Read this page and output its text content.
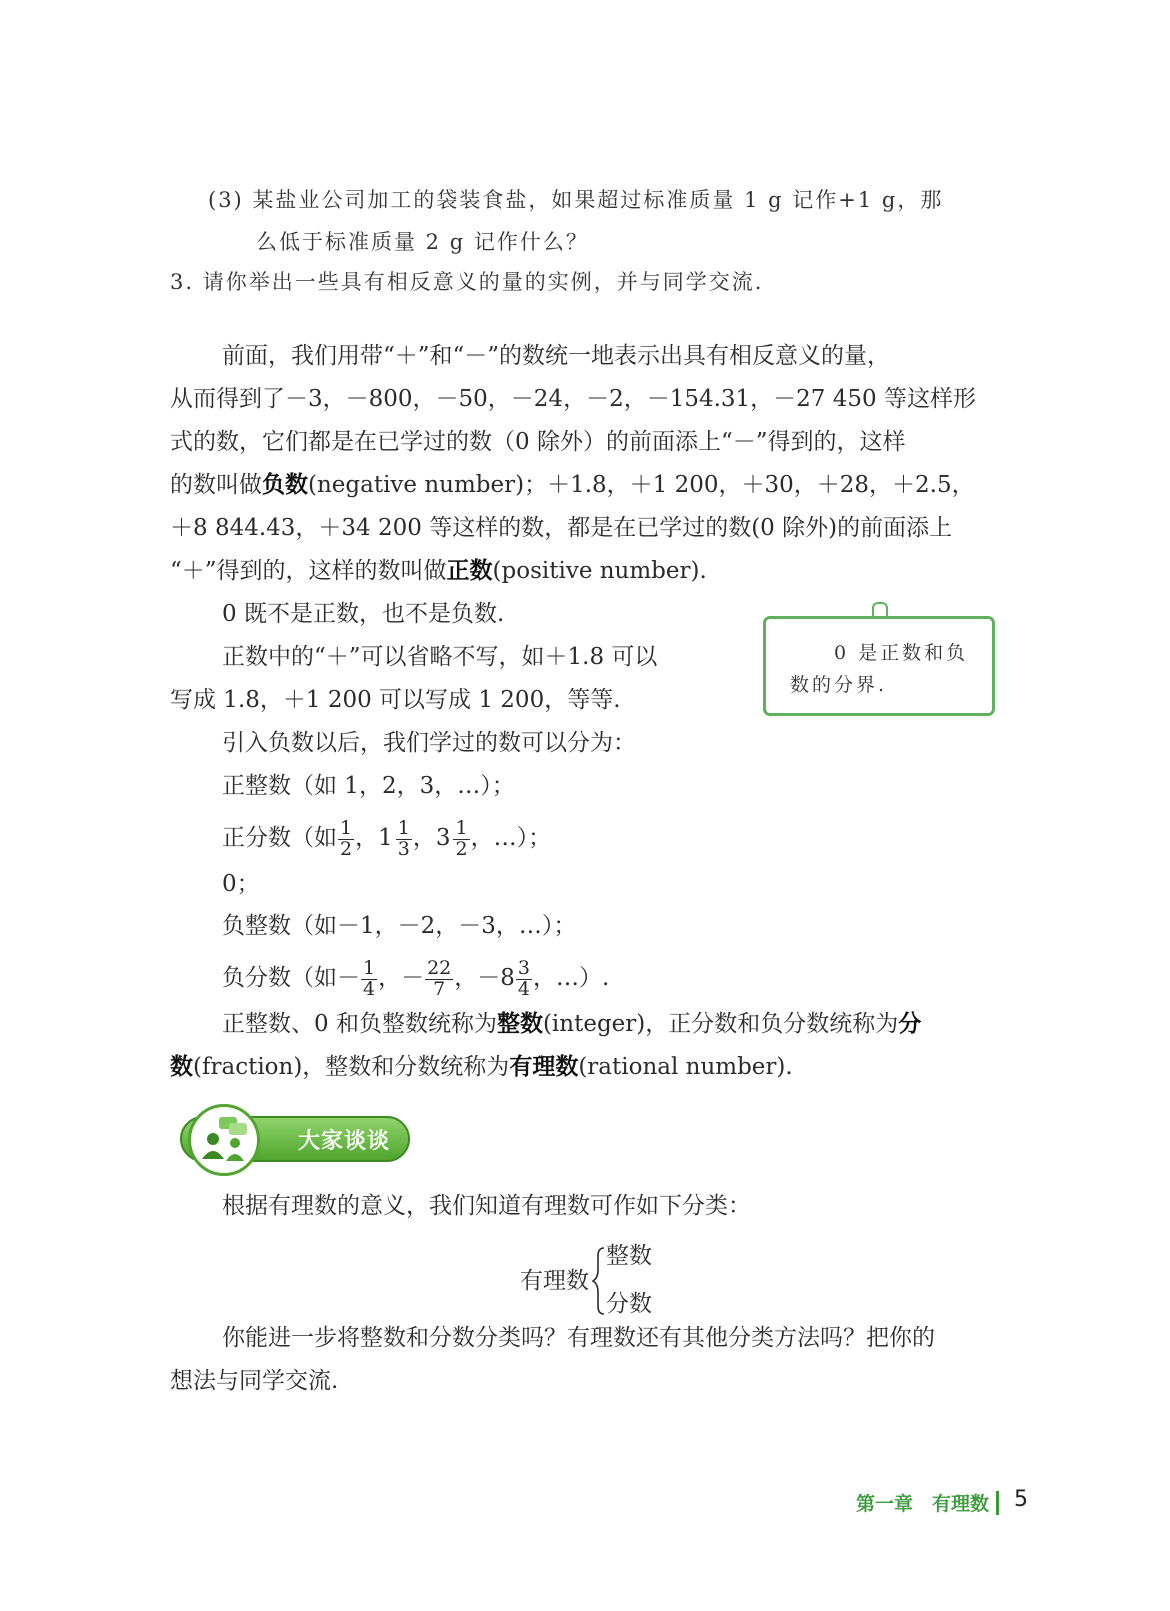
(3) 某盐业公司加工的袋装食盐，如果超过标准质量 1 g 记作+1 g，那
么低于标准质量 2 g 记作什么？
3. 请你举出一些具有相反意义的量的实例，并与同学交流.
前面，我们用带“＋”和“－”的数统一地表示出具有相反意义的量，
从而得到了－3，－800，－50，－24，－2，－154.31，－27 450 等这样形
式的数，它们都是在已学过的数（0 除外）的前面添上“－”得到的，这样
的数叫做负数(negative number)；＋1.8，＋1 200，＋30，＋28，＋2.5，
＋8 844.43，＋34 200 等这样的数，都是在已学过的数(0 除外)的前面添上
“＋”得到的，这样的数叫做正数(positive number).
0 既不是正数，也不是负数.
正数中的“＋”可以省略不写，如＋1.8 可以
写成 1.8，＋1 200 可以写成 1 200，等等.
0 是正数和负
数的分界.
引入负数以后，我们学过的数可以分为：
正整数（如 1，2，3，…）；
正分数（如 $\frac{1}{2}$ ，$1 \frac{1}{3}$ ，$3 \frac{1}{2}$ ，…）；
0；
负整数（如－1，－2，－3，…）；
负分数（如－ $\frac{1}{4}$ ，－ $\frac{22}{7}$ ，$-8 \frac{3}{4}$ ，…）.
正整数、0 和负整数统称为整数(integer)，正分数和负分数统称为分
数(fraction)，整数和分数统称为有理数(rational number).
大家谈谈
根据有理数的意义，我们知道有理数可作如下分类：
有理数
整数
分数
你能进一步将整数和分数分类吗？有理数还有其他分类方法吗？把你的
想法与同学交流.
第一章　有理数 5
